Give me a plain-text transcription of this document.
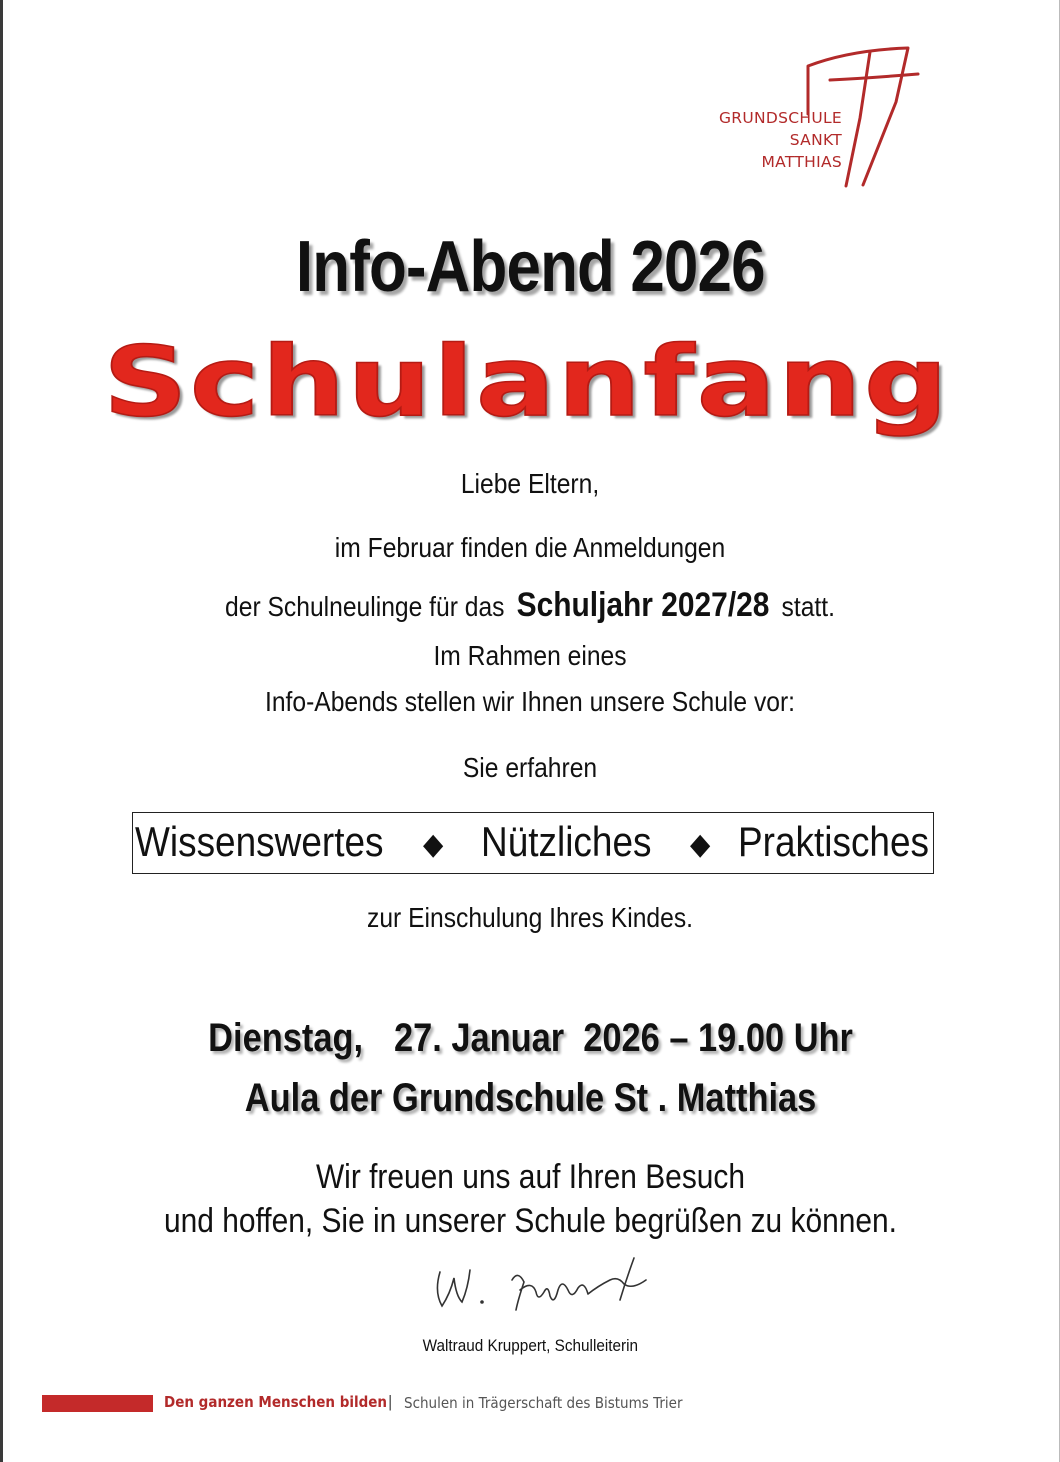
GRUNDSCHULE
SANKT
MATTHIAS
Info-Abend 2026
Schulanfang
Liebe Eltern,
im Februar finden die Anmeldungen
der Schulneulinge für das Schuljahr 2027/28 statt.
Im Rahmen eines
Info-Abends stellen wir Ihnen unsere Schule vor:
Sie erfahren
Wissenswertes ◆ Nützliches ◆ Praktisches
zur Einschulung Ihres Kindes.
Dienstag, 27. Januar  2026 – 19.00 Uhr
Aula der Grundschule St . Matthias
Wir freuen uns auf Ihren Besuch
und hoffen, Sie in unserer Schule begrüßen zu können.
Waltraud Kruppert, Schulleiterin
Den ganzen Menschen bilden | Schulen in Trägerschaft des Bistums Trier
